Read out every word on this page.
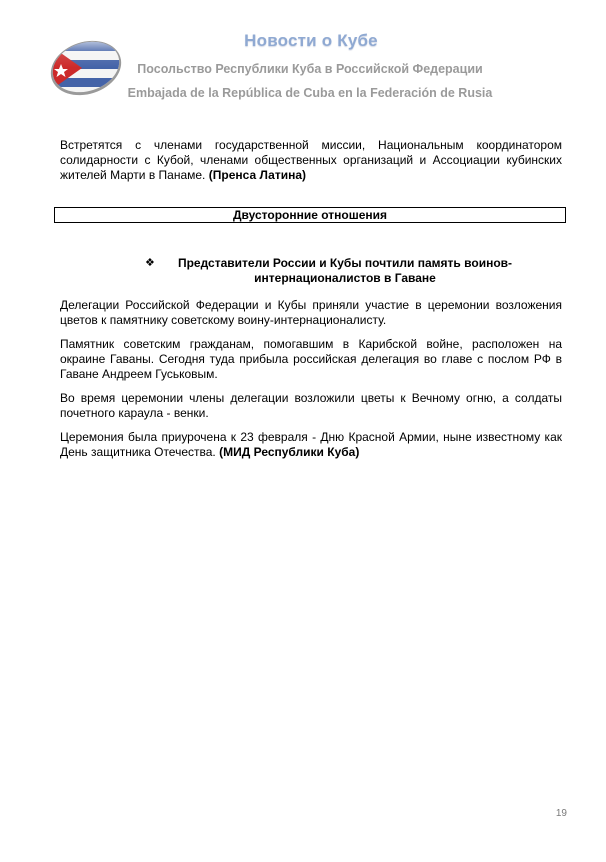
Новости о Кубе
Посольство Республики Куба в Российской Федерации
Embajada de la República de Cuba en la Federación de Rusia
Встретятся с членами государственной миссии, Национальным координатором солидарности с Кубой, членами общественных организаций и Ассоциации кубинских жителей Марти в Панаме. (Пренса Латина)
Двусторонние отношения
❖	Представители России и Кубы почтили память воинов-интернационалистов в Гаване

Делегации Российской Федерации и Кубы приняли участие в церемонии возложения цветов к памятнику советскому воину-интернационалисту.

Памятник советским гражданам, помогавшим в Карибской войне, расположен на окраине Гаваны. Сегодня туда прибыла российская делегация во главе с послом РФ в Гаване Андреем Гуськовым.

Во время церемонии члены делегации возложили цветы к Вечному огню, а солдаты почетного караула - венки.

Церемония была приурочена к 23 февраля - Дню Красной Армии, ныне известному как День защитника Отечества. (МИД Республики Куба)

19
